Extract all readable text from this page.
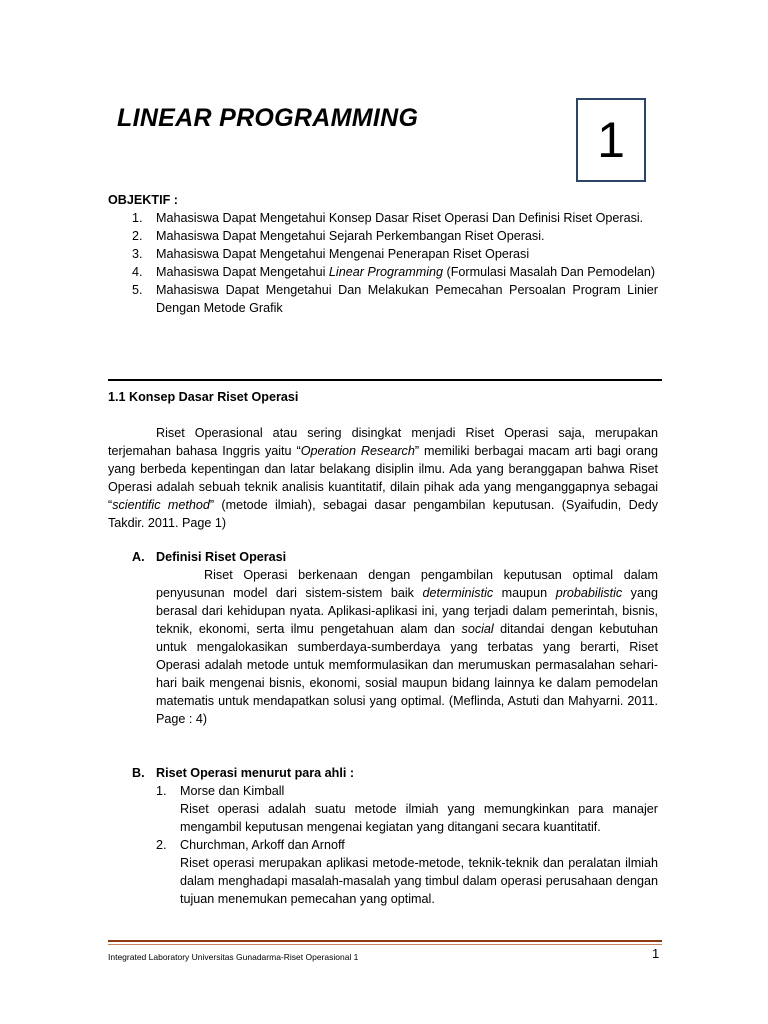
LINEAR PROGRAMMING	1
OBJEKTIF :
1. Mahasiswa Dapat Mengetahui Konsep Dasar Riset Operasi Dan Definisi Riset Operasi.
2. Mahasiswa Dapat Mengetahui Sejarah Perkembangan Riset Operasi.
3. Mahasiswa Dapat Mengetahui Mengenai Penerapan Riset Operasi
4. Mahasiswa Dapat Mengetahui Linear Programming (Formulasi Masalah Dan Pemodelan)
5. Mahasiswa Dapat Mengetahui Dan Melakukan Pemecahan Persoalan Program Linier Dengan Metode Grafik
1.1 Konsep Dasar Riset Operasi

Riset Operasional atau sering disingkat menjadi Riset Operasi saja, merupakan terjemahan bahasa Inggris yaitu “Operation Research” memiliki berbagai macam arti bagi orang yang berbeda kepentingan dan latar belakang disiplin ilmu. Ada yang beranggapan bahwa Riset Operasi adalah sebuah teknik analisis kuantitatif, dilain pihak ada yang menganggapnya sebagai “scientific method” (metode ilmiah), sebagai dasar pengambilan keputusan. (Syaifudin, Dedy Takdir. 2011. Page 1)

A. Definisi Riset Operasi

Riset Operasi berkenaan dengan pengambilan keputusan optimal dalam penyusunan model dari sistem-sistem baik deterministic maupun probabilistic yang berasal dari kehidupan nyata. Aplikasi-aplikasi ini, yang terjadi dalam pemerintah, bisnis, teknik, ekonomi, serta ilmu pengetahuan alam dan social ditandai dengan kebutuhan untuk mengalokasikan sumberdaya-sumberdaya yang terbatas yang berarti, Riset Operasi adalah metode untuk memformulasikan dan merumuskan permasalahan sehari-hari baik mengenai bisnis, ekonomi, sosial maupun bidang lainnya ke dalam pemodelan matematis untuk mendapatkan solusi yang optimal. (Meflinda, Astuti dan Mahyarni. 2011. Page : 4)

B. Riset Operasi menurut para ahli :
1. Morse dan Kimball
Riset operasi adalah suatu metode ilmiah yang memungkinkan para manajer mengambil keputusan mengenai kegiatan yang ditangani secara kuantitatif.
2. Churchman, Arkoff dan Arnoff
Riset operasi merupakan aplikasi metode-metode, teknik-teknik dan peralatan ilmiah dalam menghadapi masalah-masalah yang timbul dalam operasi perusahaan dengan tujuan menemukan pemecahan yang optimal.
Integrated Laboratory Universitas Gunadarma-Riset Operasional 1	1
